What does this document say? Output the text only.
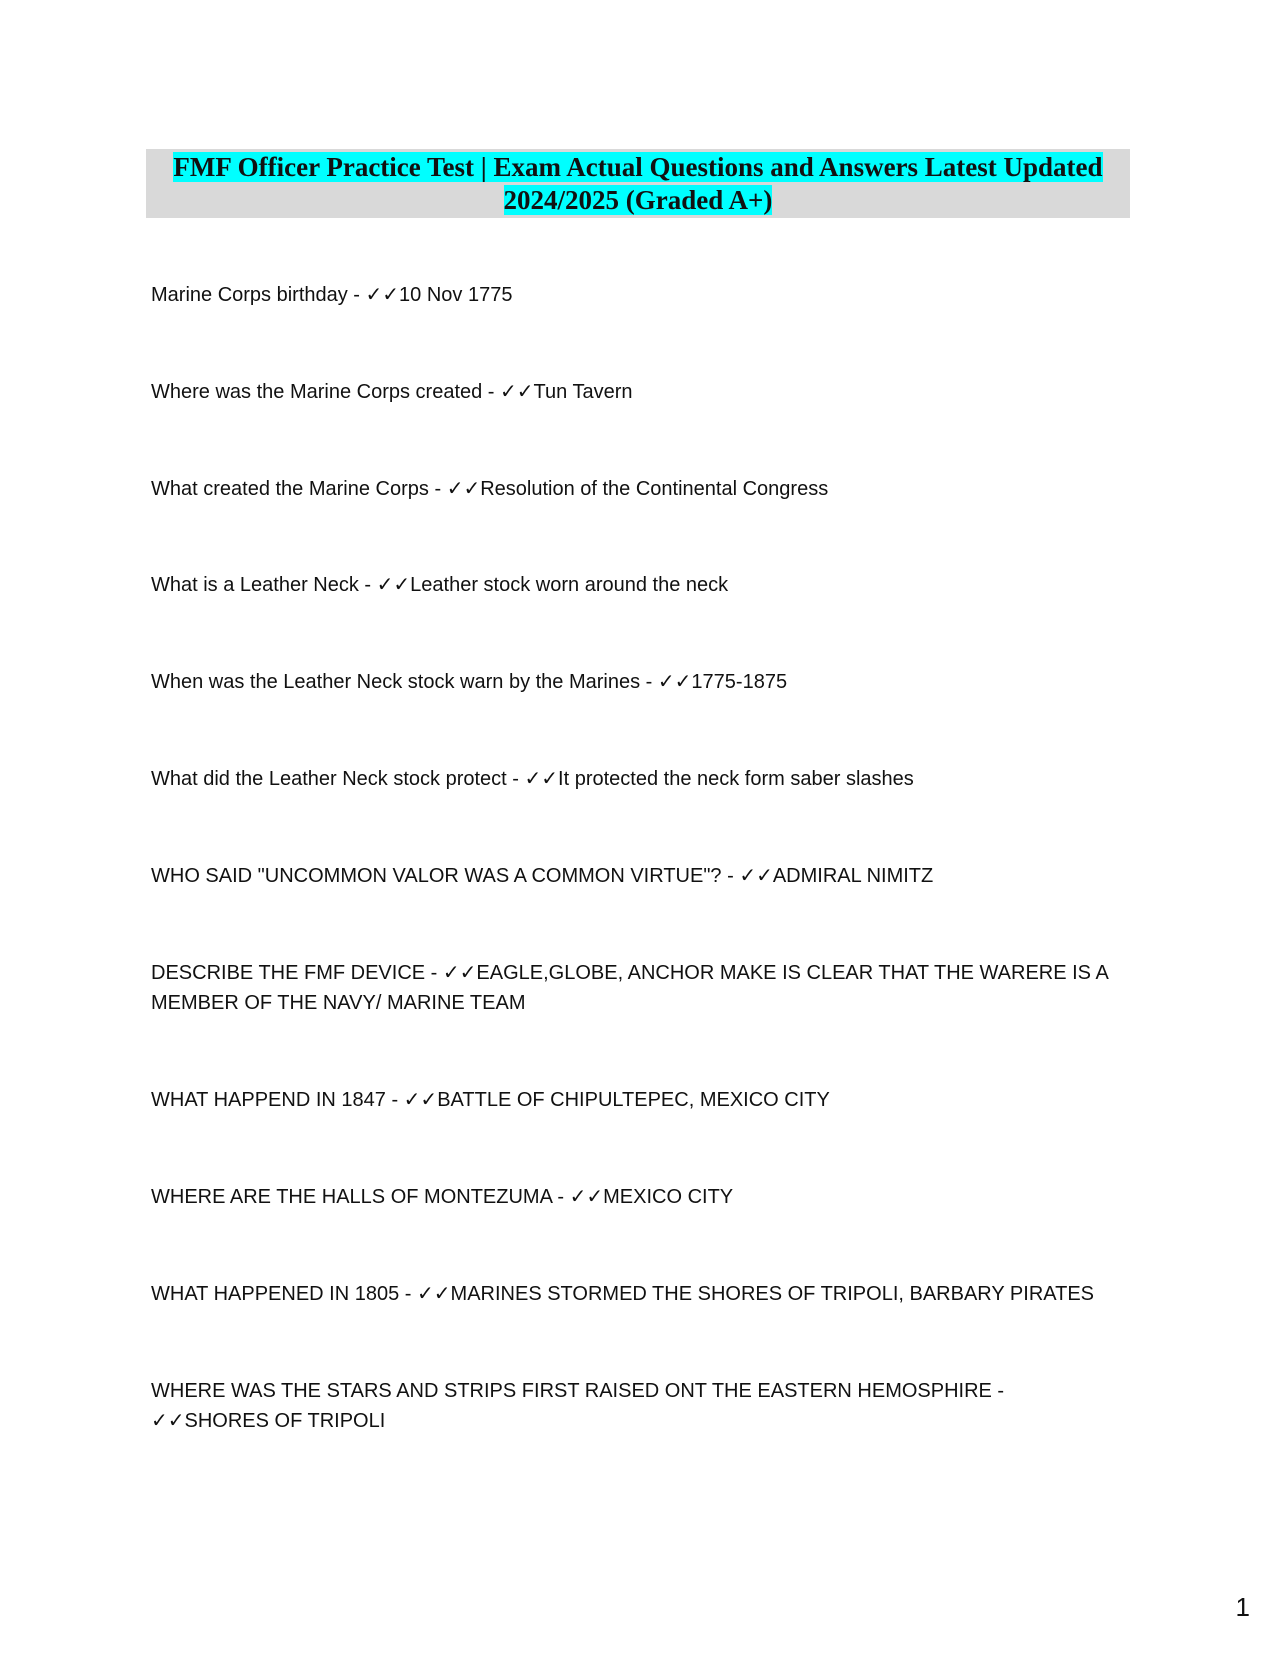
FMF Officer Practice Test | Exam Actual Questions and Answers Latest Updated 2024/2025 (Graded A+)
Marine Corps birthday - ✓✓10 Nov 1775
Where was the Marine Corps created - ✓✓Tun Tavern
What created the Marine Corps - ✓✓Resolution of the Continental Congress
What is a Leather Neck - ✓✓Leather stock worn around the neck
When was the Leather Neck stock warn by the Marines - ✓✓1775-1875
What did the Leather Neck stock protect - ✓✓It protected the neck form saber slashes
WHO SAID "UNCOMMON VALOR WAS A COMMON VIRTUE"? - ✓✓ADMIRAL NIMITZ
DESCRIBE THE FMF DEVICE - ✓✓EAGLE,GLOBE, ANCHOR MAKE IS CLEAR THAT THE WARERE IS A MEMBER OF THE NAVY/ MARINE TEAM
WHAT HAPPEND IN 1847 - ✓✓BATTLE OF CHIPULTEPEC, MEXICO CITY
WHERE ARE THE HALLS OF MONTEZUMA - ✓✓MEXICO CITY
WHAT HAPPENED IN 1805 - ✓✓MARINES STORMED THE SHORES OF TRIPOLI, BARBARY PIRATES
WHERE WAS THE STARS AND STRIPS FIRST RAISED ONT THE EASTERN HEMOSPHIRE - ✓✓SHORES OF TRIPOLI
1
